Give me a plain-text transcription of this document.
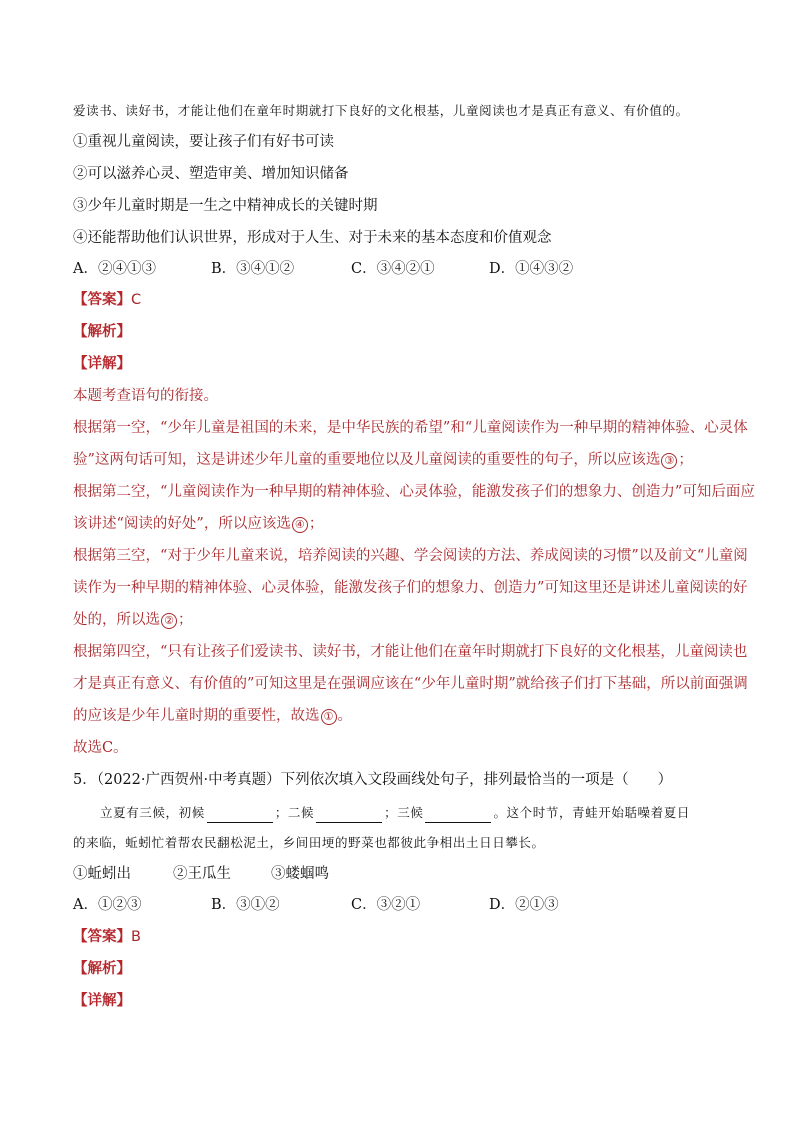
爱读书、读好书，才能让他们在童年时期就打下良好的文化根基，儿童阅读也才是真正有意义、有价值的。
①重视儿童阅读，要让孩子们有好书可读
②可以滋养心灵、塑造审美、增加知识储备
③少年儿童时期是一生之中精神成长的关键时期
④还能帮助他们认识世界，形成对于人生、对于未来的基本态度和价值观念
A．②④①③	B．③④①②	C．③④②①	D．①④③②
【答案】C
【解析】
【详解】
本题考查语句的衔接。
根据第一空，“少年儿童是祖国的未来，是中华民族的希望”和“儿童阅读作为一种早期的精神体验、心灵体
验”这两句话可知，这是讲述少年儿童的重要地位以及儿童阅读的重要性的句子，所以应该选 ③ ；
根据第二空，“儿童阅读作为一种早期的精神体验、心灵体验，能激发孩子们的想象力、创造力”可知后面应
该讲述“阅读的好处”，所以应该选 ④ ；
根据第三空，“对于少年儿童来说，培养阅读的兴趣、学会阅读的方法、养成阅读的习惯”以及前文“儿童阅
读作为一种早期的精神体验、心灵体验，能激发孩子们的想象力、创造力”可知这里还是讲述儿童阅读的好
处的，所以选 ② ；
根据第四空，“只有让孩子们爱读书、读好书，才能让他们在童年时期就打下良好的文化根基，儿童阅读也
才是真正有意义、有价值的”可知这里是在强调应该在“少年儿童时期”就给孩子们打下基础，所以前面强调
的应该是少年儿童时期的重要性，故选 ① 。
故选C。
5．（2022·广西贺州·中考真题）下列依次填入文段画线处句子，排列最恰当的一项是（　　）
立夏有三候，初候	；二候	；三候	。这个时节，青蛙开始聒噪着夏日
的来临，蚯蚓忙着帮农民翻松泥土，乡间田埂的野菜也都彼此争相出土日日攀长。
①蚯蚓出	②王瓜生	③蝼蝈鸣
A．①②③	B．③①②	C．③②①	D．②①③
【答案】B
【解析】
【详解】
